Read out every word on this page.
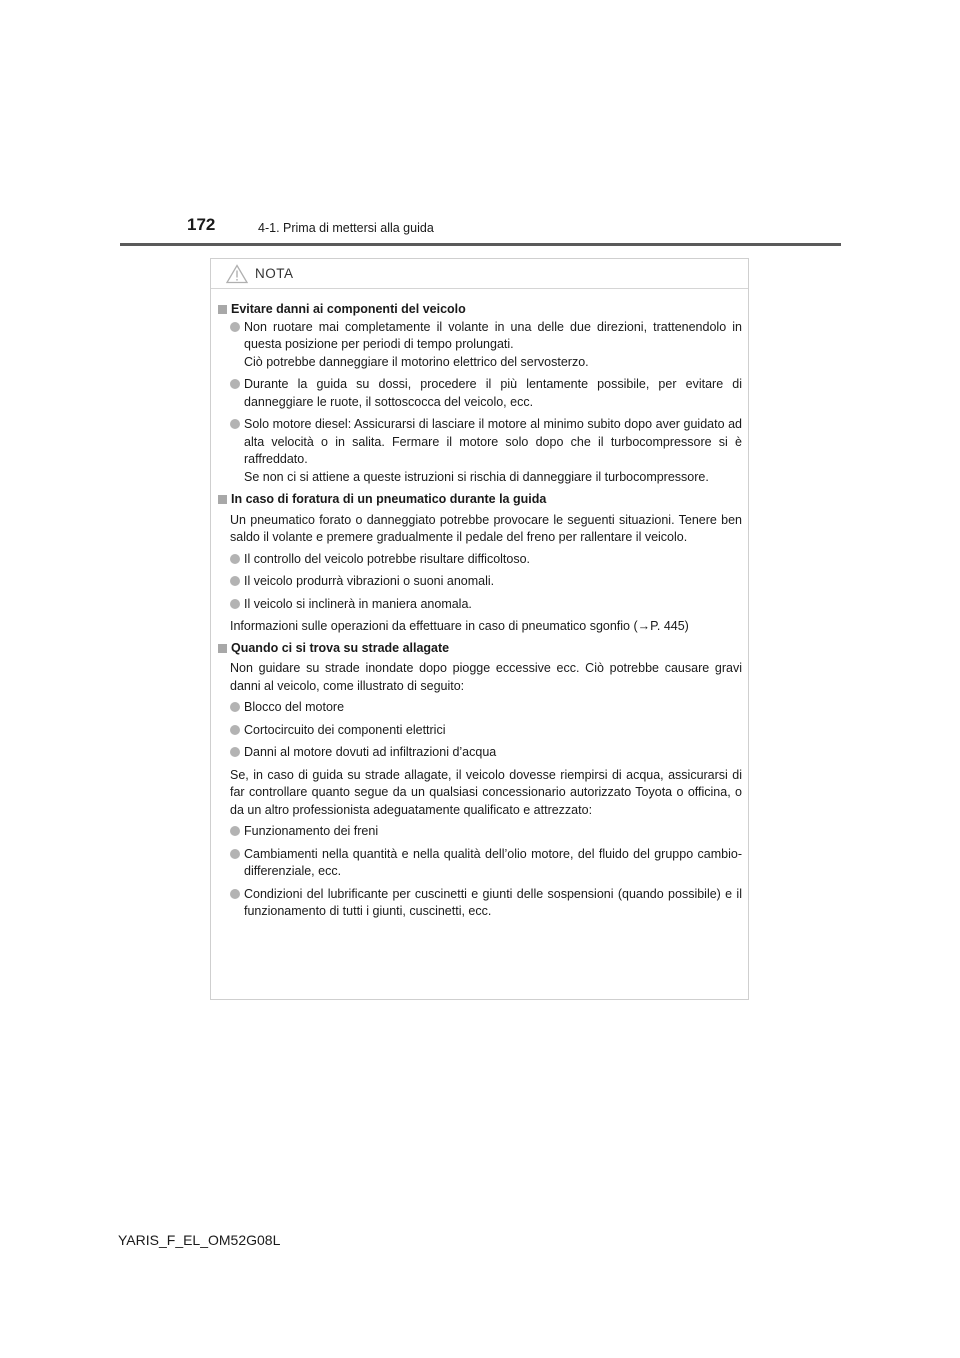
172	4-1. Prima di mettersi alla guida
NOTA
Evitare danni ai componenti del veicolo
Non ruotare mai completamente il volante in una delle due direzioni, trattenendolo in questa posizione per periodi di tempo prolungati.
Ciò potrebbe danneggiare il motorino elettrico del servosterzo.
Durante la guida su dossi, procedere il più lentamente possibile, per evitare di danneggiare le ruote, il sottoscocca del veicolo, ecc.
Solo motore diesel: Assicurarsi di lasciare il motore al minimo subito dopo aver guidato ad alta velocità o in salita. Fermare il motore solo dopo che il turbocompressore si è raffreddato.
Se non ci si attiene a queste istruzioni si rischia di danneggiare il turbocompressore.
In caso di foratura di un pneumatico durante la guida
Un pneumatico forato o danneggiato potrebbe provocare le seguenti situazioni. Tenere ben saldo il volante e premere gradualmente il pedale del freno per rallentare il veicolo.
Il controllo del veicolo potrebbe risultare difficoltoso.
Il veicolo produrrà vibrazioni o suoni anomali.
Il veicolo si inclinerà in maniera anomala.
Informazioni sulle operazioni da effettuare in caso di pneumatico sgonfio (→P. 445)
Quando ci si trova su strade allagate
Non guidare su strade inondate dopo piogge eccessive ecc. Ciò potrebbe causare gravi danni al veicolo, come illustrato di seguito:
Blocco del motore
Cortocircuito dei componenti elettrici
Danni al motore dovuti ad infiltrazioni d’acqua
Se, in caso di guida su strade allagate, il veicolo dovesse riempirsi di acqua, assicurarsi di far controllare quanto segue da un qualsiasi concessionario autorizzato Toyota o officina, o da un altro professionista adeguatamente qualificato e attrezzato:
Funzionamento dei freni
Cambiamenti nella quantità e nella qualità dell’olio motore, del fluido del gruppo cambio-differenziale, ecc.
Condizioni del lubrificante per cuscinetti e giunti delle sospensioni (quando possibile) e il funzionamento di tutti i giunti, cuscinetti, ecc.
YARIS_F_EL_OM52G08L
